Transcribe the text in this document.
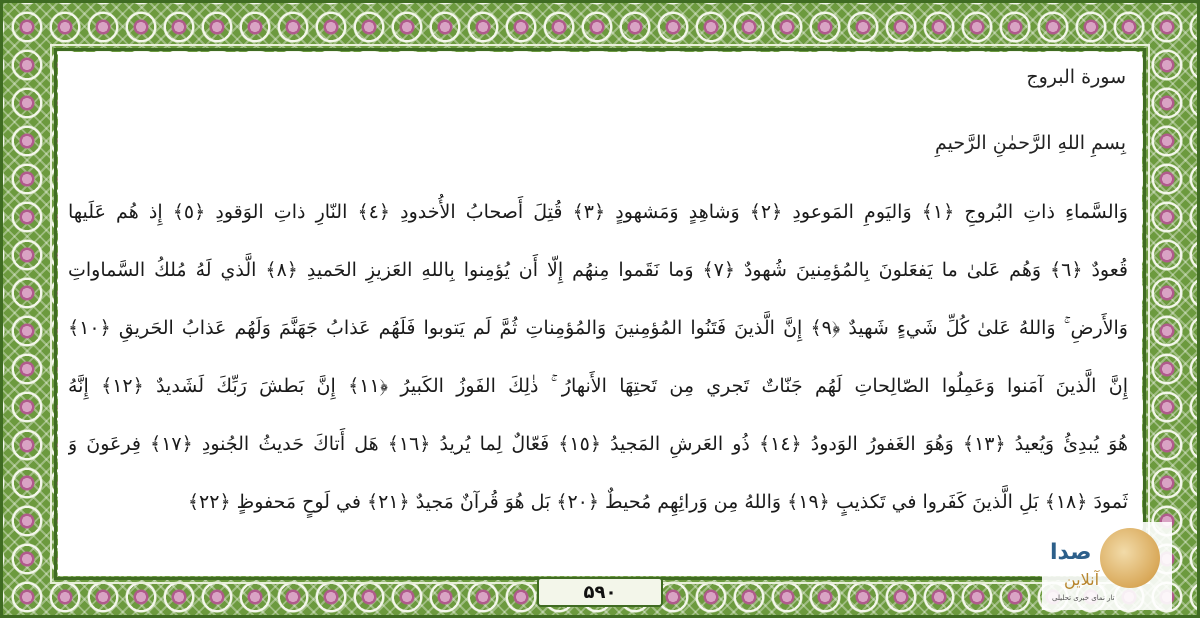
سورة البروج
بِسمِ اللهِ الرَّحمٰنِ الرَّحيمِ
وَالسَّماءِ ذاتِ البُروجِ ﴿١﴾ وَاليَومِ المَوعودِ ﴿٢﴾ وَشاهِدٍ وَمَشهودٍ ﴿٣﴾ قُتِلَ أَصحابُ الأُخدودِ ﴿٤﴾ النّارِ ذاتِ الوَقودِ ﴿٥﴾ إِذ هُم عَلَيها
قُعودٌ ﴿٦﴾ وَهُم عَلىٰ ما يَفعَلونَ بِالمُؤمِنينَ شُهودٌ ﴿٧﴾ وَما نَقَموا مِنهُم إِلّا أَن يُؤمِنوا بِاللهِ العَزيزِ الحَميدِ ﴿٨﴾ الَّذي لَهُ مُلكُ السَّماواتِ
وَالأَرضِ ۚ وَاللهُ عَلىٰ كُلِّ شَيءٍ شَهيدٌ ﴿٩﴾ إِنَّ الَّذينَ فَتَنُوا المُؤمِنينَ وَالمُؤمِناتِ ثُمَّ لَم يَتوبوا فَلَهُم عَذابُ جَهَنَّمَ وَلَهُم عَذابُ الحَريقِ ﴿١٠﴾
إِنَّ الَّذينَ آمَنوا وَعَمِلُوا الصّالِحاتِ لَهُم جَنّاتٌ تَجري مِن تَحتِهَا الأَنهارُ ۚ ذٰلِكَ الفَوزُ الكَبيرُ ﴿١١﴾ إِنَّ بَطشَ رَبِّكَ لَشَديدٌ ﴿١٢﴾ إِنَّهُ
هُوَ يُبدِئُ وَيُعيدُ ﴿١٣﴾ وَهُوَ الغَفورُ الوَدودُ ﴿١٤﴾ ذُو العَرشِ المَجيدُ ﴿١٥﴾ فَعّالٌ لِما يُريدُ ﴿١٦﴾ هَل أَتاكَ حَديثُ الجُنودِ ﴿١٧﴾ فِرعَونَ وَ
ثَمودَ ﴿١٨﴾ بَلِ الَّذينَ كَفَروا في تَكذيبٍ ﴿١٩﴾ وَاللهُ مِن وَرائِهِم مُحيطٌ ﴿٢٠﴾ بَل هُوَ قُرآنٌ مَجيدٌ ﴿٢١﴾ في لَوحٍ مَحفوظٍ ﴿٢٢﴾
۵۹۰
صدا
آنلاین
تار نمای خبری تحلیلی
